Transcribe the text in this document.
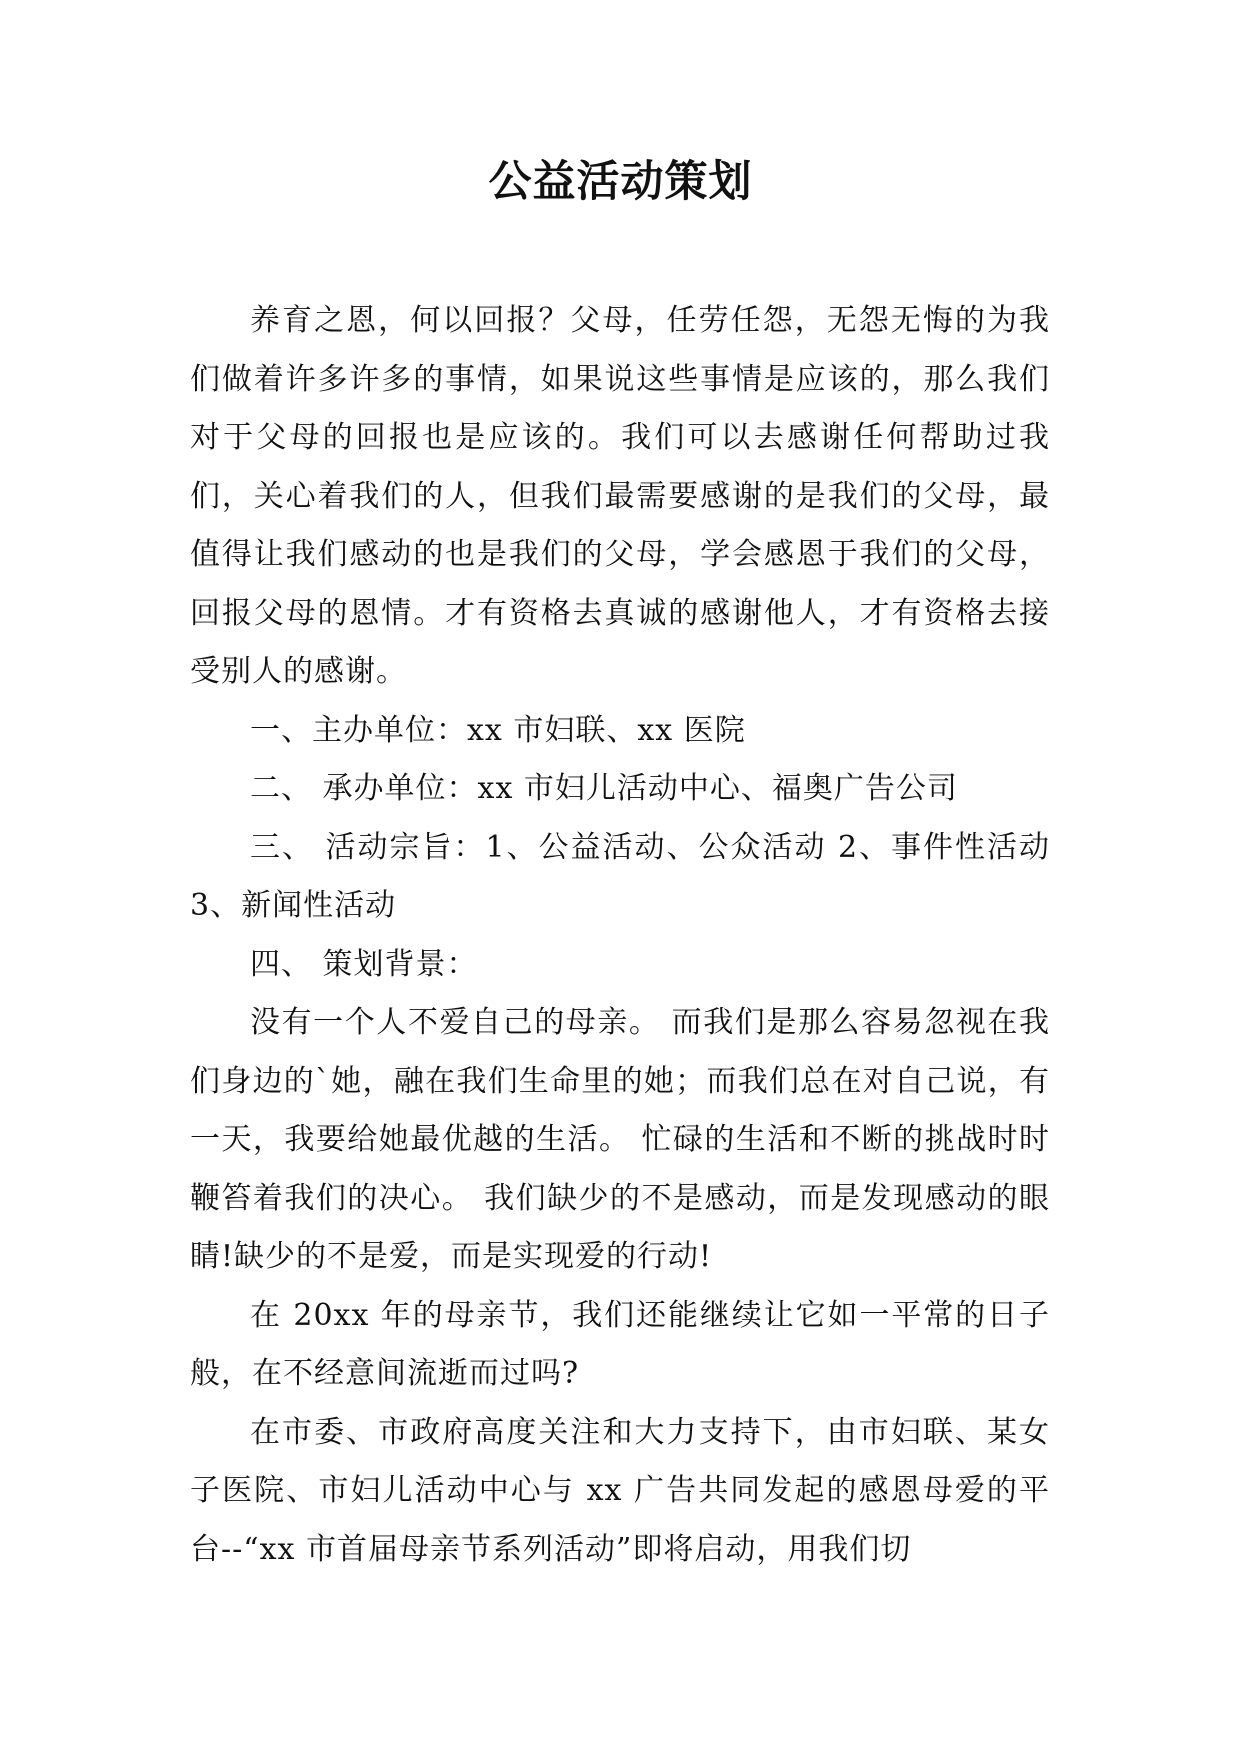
公益活动策划

养育之恩，何以回报？父母，任劳任怨，无怨无悔的为我们做着许多许多的事情，如果说这些事情是应该的，那么我们对于父母的回报也是应该的。我们可以去感谢任何帮助过我们，关心着我们的人，但我们最需要感谢的是我们的父母，最值得让我们感动的也是我们的父母，学会感恩于我们的父母，回报父母的恩情。才有资格去真诚的感谢他人，才有资格去接受别人的感谢。

一、主办单位：xx 市妇联、xx 医院

二、 承办单位：xx 市妇儿活动中心、福奥广告公司

三、 活动宗旨：1、公益活动、公众活动 2、事件性活动 3、新闻性活动

四、 策划背景：

没有一个人不爱自己的母亲。 而我们是那么容易忽视在我们身边的`她，融在我们生命里的她；而我们总在对自己说，有一天，我要给她最优越的生活。 忙碌的生活和不断的挑战时时鞭笞着我们的决心。 我们缺少的不是感动，而是发现感动的眼睛!缺少的不是爱，而是实现爱的行动!

在 20xx 年的母亲节，我们还能继续让它如一平常的日子般，在不经意间流逝而过吗?

在市委、市政府高度关注和大力支持下，由市妇联、某女子医院、市妇儿活动中心与 xx 广告共同发起的感恩母爱的平台--“xx 市首届母亲节系列活动”即将启动，用我们切
